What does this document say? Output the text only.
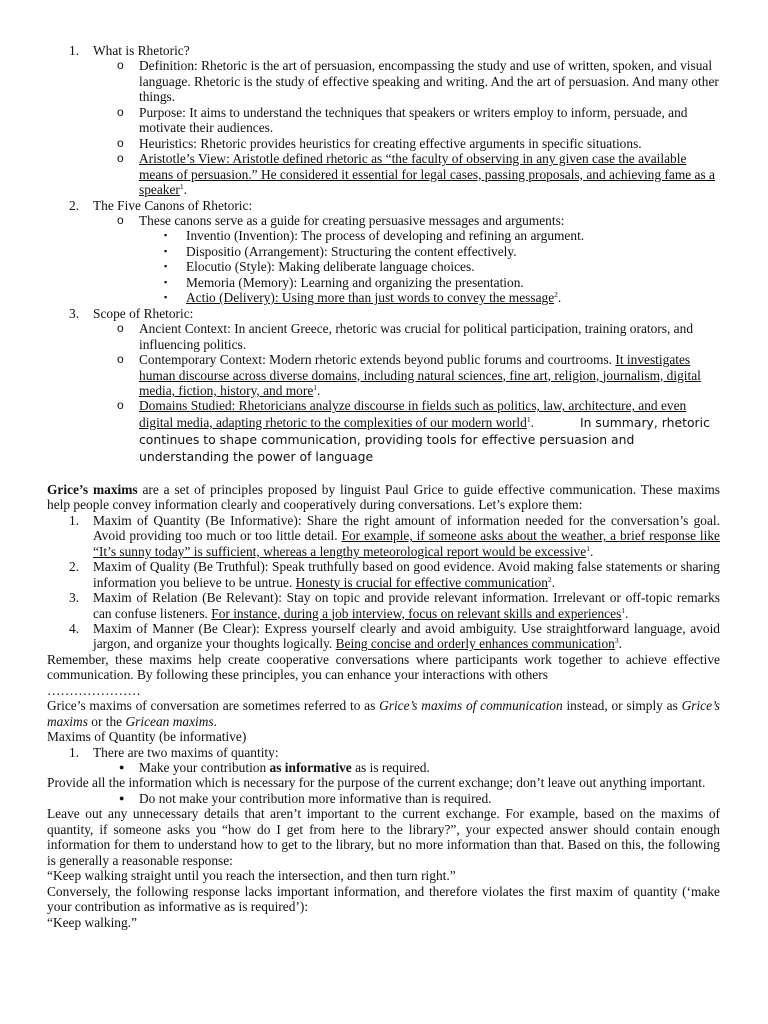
1. What is Rhetoric?
o Definition: Rhetoric is the art of persuasion, encompassing the study and use of written, spoken, and visual language. Rhetoric is the study of effective speaking and writing. And the art of persuasion. And many other things.
o Purpose: It aims to understand the techniques that speakers or writers employ to inform, persuade, and motivate their audiences.
o Heuristics: Rhetoric provides heuristics for creating effective arguments in specific situations.
o Aristotle’s View: Aristotle defined rhetoric as “the faculty of observing in any given case the available means of persuasion.” He considered it essential for legal cases, passing proposals, and achieving fame as a speaker$^1$.
2. The Five Canons of Rhetoric:
o These canons serve as a guide for creating persuasive messages and arguments:
▪ Inventio (Invention): The process of developing and refining an argument.
▪ Dispositio (Arrangement): Structuring the content effectively.
▪ Elocutio (Style): Making deliberate language choices.
▪ Memoria (Memory): Learning and organizing the presentation.
▪ Actio (Delivery): Using more than just words to convey the message$^2$.
3. Scope of Rhetoric:
o Ancient Context: In ancient Greece, rhetoric was crucial for political participation, training orators, and influencing politics.
o Contemporary Context: Modern rhetoric extends beyond public forums and courtrooms. It investigates human discourse across diverse domains, including natural sciences, fine art, religion, journalism, digital media, fiction, history, and more$^1$.
o Domains Studied: Rhetoricians analyze discourse in fields such as politics, law, architecture, and even digital media, adapting rhetoric to the complexities of our modern world$^1$.	In summary, rhetoric continues to shape communication, providing tools for effective persuasion and understanding the power of language
Grice’s maxims are a set of principles proposed by linguist Paul Grice to guide effective communication. These maxims help people convey information clearly and cooperatively during conversations. Let’s explore them:
1. Maxim of Quantity (Be Informative): Share the right amount of information needed for the conversation’s goal. Avoid providing too much or too little detail. For example, if someone asks about the weather, a brief response like “It’s sunny today” is sufficient, whereas a lengthy meteorological report would be excessive$^1$.
2. Maxim of Quality (Be Truthful): Speak truthfully based on good evidence. Avoid making false statements or sharing information you believe to be untrue. Honesty is crucial for effective communication$^2$.
3. Maxim of Relation (Be Relevant): Stay on topic and provide relevant information. Irrelevant or off-topic remarks can confuse listeners. For instance, during a job interview, focus on relevant skills and experiences$^1$.
4. Maxim of Manner (Be Clear): Express yourself clearly and avoid ambiguity. Use straightforward language, avoid jargon, and organize your thoughts logically. Being concise and orderly enhances communication$^3$.
Remember, these maxims help create cooperative conversations where participants work together to achieve effective communication. By following these principles, you can enhance your interactions with others
…………………
Grice’s maxims of conversation are sometimes referred to as Grice’s maxims of communication instead, or simply as Grice’s maxims or the Gricean maxims.
Maxims of Quantity (be informative)
1. There are two maxims of quantity:
● Make your contribution as informative as is required.
Provide all the information which is necessary for the purpose of the current exchange; don’t leave out anything important.
● Do not make your contribution more informative than is required.
Leave out any unnecessary details that aren’t important to the current exchange. For example, based on the maxims of quantity, if someone asks you “how do I get from here to the library?”, your expected answer should contain enough information for them to understand how to get to the library, but no more information than that. Based on this, the following is generally a reasonable response:
“Keep walking straight until you reach the intersection, and then turn right.”
Conversely, the following response lacks important information, and therefore violates the first maxim of quantity (‘make your contribution as informative as is required’):
“Keep walking.”
